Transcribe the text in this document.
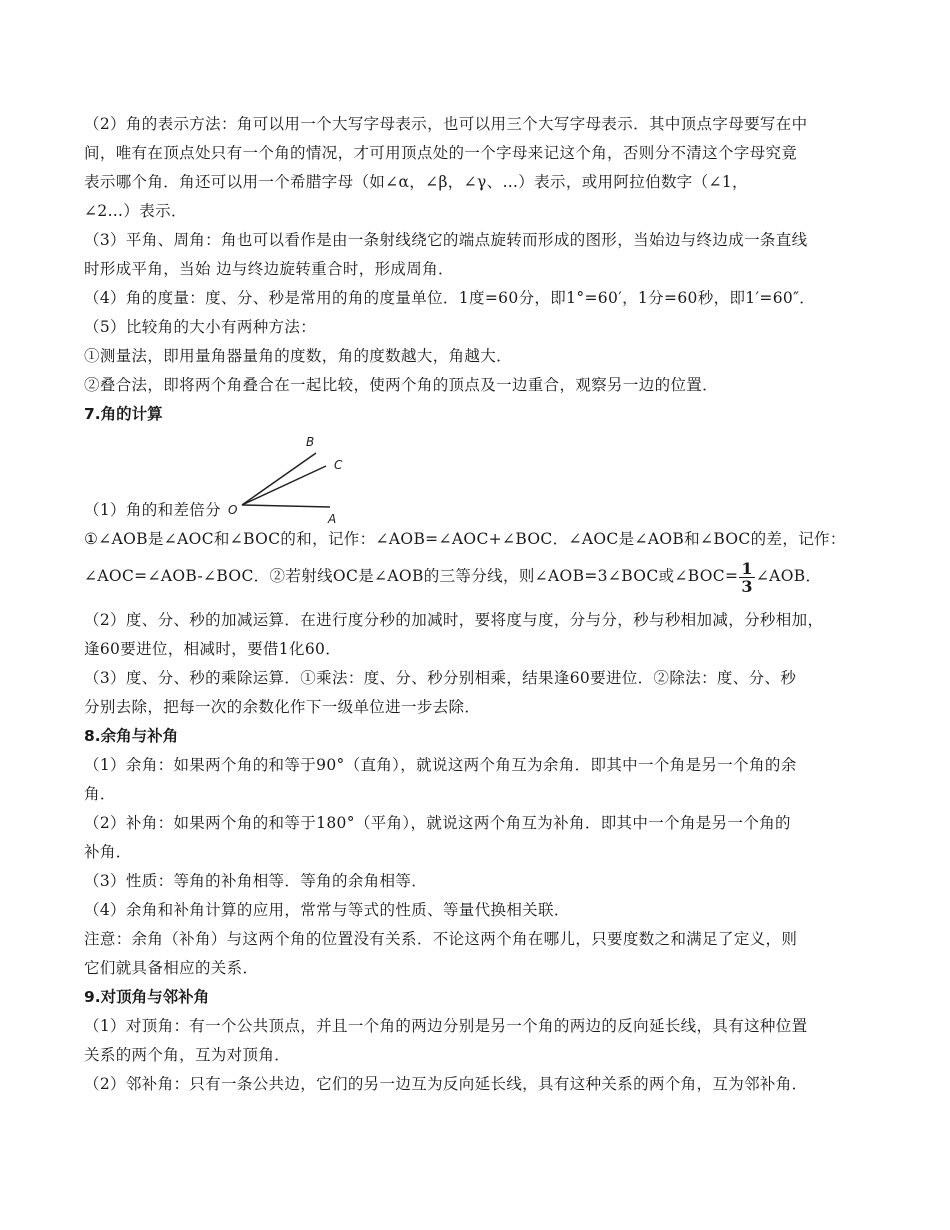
（2）角的表示方法：角可以用一个大写字母表示，也可以用三个大写字母表示．其中顶点字母要写在中
间，唯有在顶点处只有一个角的情况，才可用顶点处的一个字母来记这个角，否则分不清这个字母究竟
表示哪个角．角还可以用一个希腊字母（如∠α，∠β，∠γ、…）表示，或用阿拉伯数字（∠1，
∠2…）表示．
（3）平角、周角：角也可以看作是由一条射线绕它的端点旋转而形成的图形，当始边与终边成一条直线
时形成平角，当始 边与终边旋转重合时，形成周角．
（4）角的度量：度、分、秒是常用的角的度量单位．1度=60分，即1°=60′，1分=60秒，即1′=60″．
（5）比较角的大小有两种方法：
①测量法，即用量角器量角的度数，角的度数越大，角越大．
②叠合法，即将两个角叠合在一起比较，使两个角的顶点及一边重合，观察另一边的位置．
7.角的计算
（1）角的和差倍分
B
C
O
A
①∠AOB是∠AOC和∠BOC的和，记作：∠AOB=∠AOC+∠BOC．∠AOC是∠AOB和∠BOC的差，记作：
∠AOC=∠AOB-∠BOC．②若射线OC是∠AOB的三等分线，则∠AOB=3∠BOC或∠BOC= $\frac{1}{3}$ ∠AOB．
（2）度、分、秒的加减运算．在进行度分秒的加减时，要将度与度，分与分，秒与秒相加减，分秒相加，
逢60要进位，相减时，要借1化60．
（3）度、分、秒的乘除运算．①乘法：度、分、秒分别相乘，结果逢60要进位．②除法：度、分、秒
分别去除，把每一次的余数化作下一级单位进一步去除．
8.余角与补角
（1）余角：如果两个角的和等于90°（直角），就说这两个角互为余角．即其中一个角是另一个角的余
角．
（2）补角：如果两个角的和等于180°（平角），就说这两个角互为补角．即其中一个角是另一个角的
补角．
（3）性质：等角的补角相等．等角的余角相等．
（4）余角和补角计算的应用，常常与等式的性质、等量代换相关联．
注意：余角（补角）与这两个角的位置没有关系．不论这两个角在哪儿，只要度数之和满足了定义，则
它们就具备相应的关系．
9.对顶角与邻补角
（1）对顶角：有一个公共顶点，并且一个角的两边分别是另一个角的两边的反向延长线，具有这种位置
关系的两个角，互为对顶角．
（2）邻补角：只有一条公共边，它们的另一边互为反向延长线，具有这种关系的两个角，互为邻补角．
